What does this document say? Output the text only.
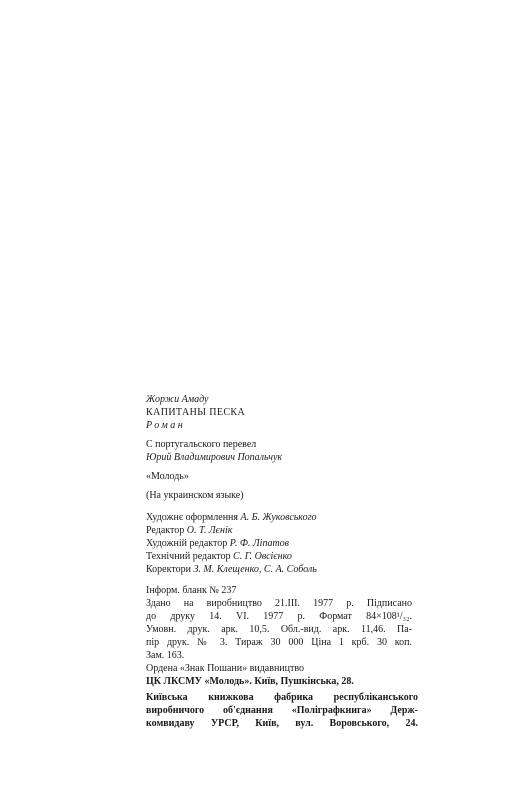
Жоржи Амаду
КАПИТАНЫ ПЕСКА
Роман
С португальского перевел
Юрий Владимирович Попальчук
«Молодь»
(На украинском языке)
Художнє оформлення А. Б. Жуковського
Редактор О. Т. Лєнік
Художній редактор Р. Ф. Ліпатов
Технічний редактор С. Г. Овсієнко
Коректори З. М. Клещенко, С. А. Соболь
Інформ. бланк № 237
Здано на виробництво 21.ІІІ. 1977 р. Підписано
до друку 14. VI. 1977 р. Формат 84×108¹/₃₂.
Умовн. друк. арк. 10,5. Обл.-вид. арк. 11,46. Па-
пір друк. № 3. Тираж 30 000 Ціна 1 крб. 30 коп.
Зам. 163.
Ордена «Знак Пошани» видавництво
ЦК ЛКСМУ «Молодь». Київ, Пушкінська, 28.
Київська книжкова фабрика республіканського
виробничого об'єднання «Поліграфкнига» Держ-
комвидаву УРСР, Київ, вул. Воровського, 24.
